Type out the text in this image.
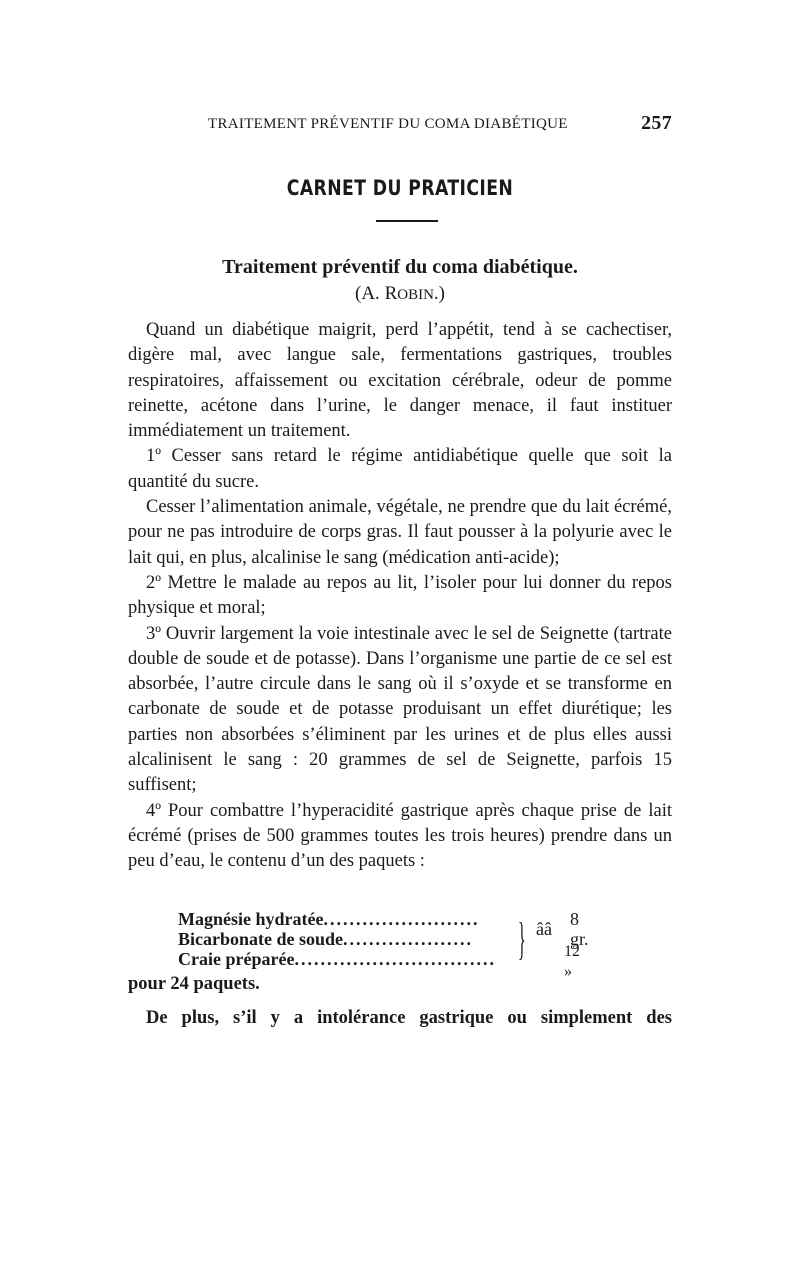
TRAITEMENT PRÉVENTIF DU COMA DIABÉTIQUE	257
CARNET DU PRATICIEN
Traitement préventif du coma diabétique.
(A. ROBIN.)

Quand un diabétique maigrit, perd l’appétit, tend à se cachectiser, digère mal, avec langue sale, fermentations gastriques, troubles respiratoires, affaissement ou excitation cérébrale, odeur de pomme reinette, acétone dans l’urine, le danger menace, il faut instituer immédiatement un traitement.

1º Cesser sans retard le régime antidiabétique quelle que soit la quantité du sucre.

Cesser l’alimentation animale, végétale, ne prendre que du lait écrémé, pour ne pas introduire de corps gras. Il faut pousser à la polyurie avec le lait qui, en plus, alcalinise le sang (médication anti-acide);

2º Mettre le malade au repos au lit, l’isoler pour lui donner du repos physique et moral;

3º Ouvrir largement la voie intestinale avec le sel de Seignette (tartrate double de soude et de potasse). Dans l’organisme une partie de ce sel est absorbée, l’autre circule dans le sang où il s’oxyde et se transforme en carbonate de soude et de potasse produisant un effet diurétique; les parties non absorbées s’éliminent par les urines et de plus elles aussi alcalinisent le sang : 20 grammes de sel de Seignette, parfois 15 suffisent;

4º Pour combattre l’hyperacidité gastrique après chaque prise de lait écrémé (prises de 500 grammes toutes les trois heures) prendre dans un peu d’eau, le contenu d’un des paquets :

Magnésie hydratée ........................
Bicarbonate de soude ....................
Craie préparée ............................... } ââ 8 gr.
12 »
pour 24 paquets.
De plus, s’il y a intolérance gastrique ou simplement des
